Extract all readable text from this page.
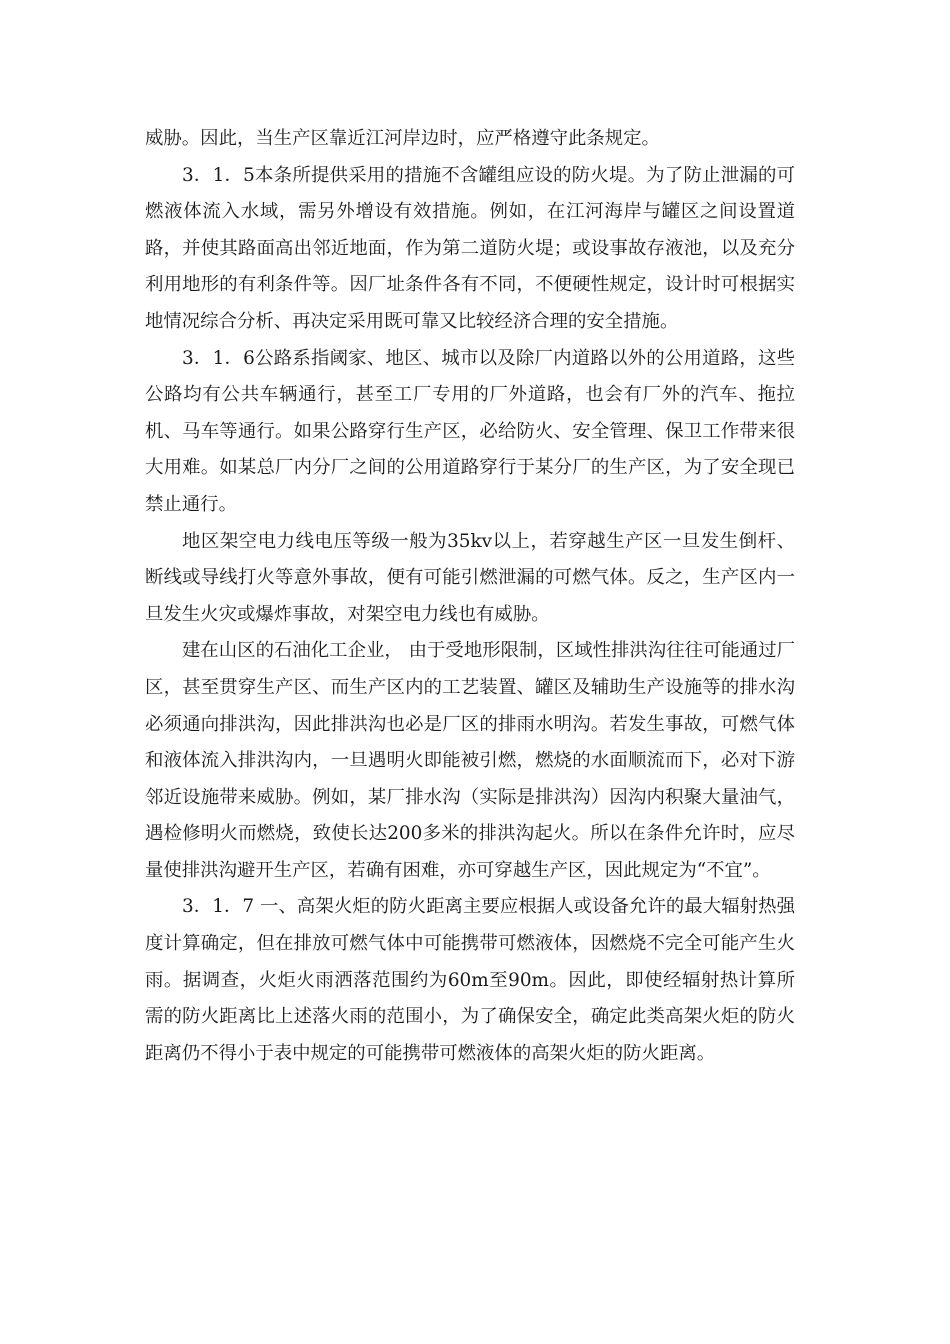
威胁。因此，当生产区靠近江河岸边时，应严格遵守此条规定。

3．1．5本条所提供采用的措施不含罐组应设的防火堤。为了防止泄漏的可燃液体流入水域，需另外增设有效措施。例如，在江河海岸与罐区之间设置道路，并使其路面高出邻近地面，作为第二道防火堤；或设事故存液池，以及充分利用地形的有利条件等。因厂址条件各有不同，不便硬性规定，设计时可根据实地情况综合分析、再决定采用既可靠又比较经济合理的安全措施。

3．1．6公路系指阈家、地区、城市以及除厂内道路以外的公用道路，这些公路均有公共车辆通行，甚至工厂专用的厂外道路，也会有厂外的汽车、拖拉机、马车等通行。如果公路穿行生产区，必给防火、安全管理、保卫工作带来很大用难。如某总厂内分厂之间的公用道路穿行于某分厂的生产区，为了安全现已禁止通行。

地区架空电力线电压等级一般为35kv以上，若穿越生产区一旦发生倒杆、断线或导线打火等意外事故，便有可能引燃泄漏的可燃气体。反之，生产区内一旦发生火灾或爆炸事故，对架空电力线也有威胁。

建在山区的石油化工企业， 由于受地形限制，区域性排洪沟往往可能通过厂区，甚至贯穿生产区、而生产区内的工艺装置、罐区及辅助生产设施等的排水沟必须通向排洪沟，因此排洪沟也必是厂区的排雨水明沟。若发生事故，可燃气体和液体流入排洪沟内，一旦遇明火即能被引燃，燃烧的水面顺流而下，必对下游邻近设施带来威胁。例如，某厂排水沟（实际是排洪沟）因沟内积聚大量油气，遇检修明火而燃烧，致使长达200多米的排洪沟起火。所以在条件允许时，应尽量使排洪沟避开生产区，若确有困难，亦可穿越生产区，因此规定为“不宜”。

3．1．7 一、高架火炬的防火距离主要应根据人或设备允许的最大辐射热强度计算确定，但在排放可燃气体中可能携带可燃液体，因燃烧不完全可能产生火雨。据调查，火炬火雨洒落范围约为60m至90m。因此，即使经辐射热计算所需的防火距离比上述落火雨的范围小，为了确保安全，确定此类高架火炬的防火距离仍不得小于表中规定的可能携带可燃液体的高架火炬的防火距离。
